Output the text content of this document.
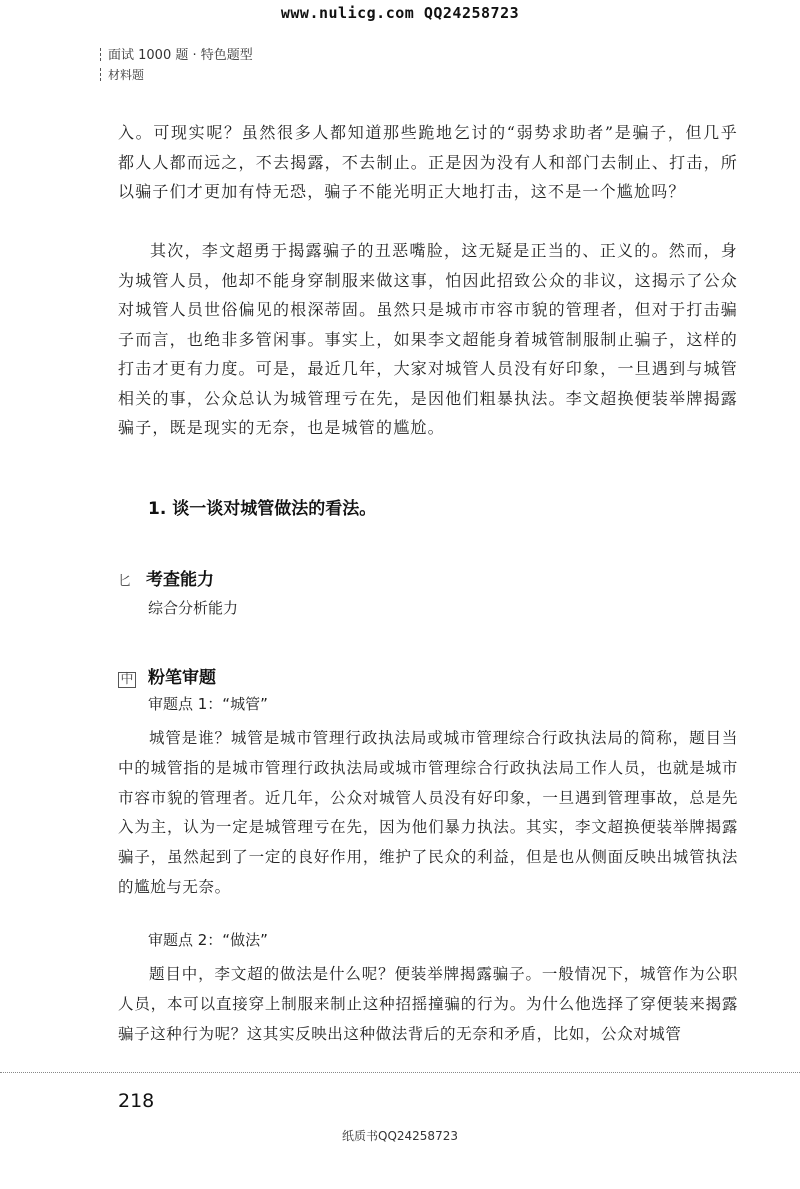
www.nulicg.com QQ24258723
面试 1000 题 · 特色题型
材料题
入。可现实呢？虽然很多人都知道那些跪地乞讨的“弱势求助者”是骗子，但几乎都人人都而远之，不去揭露，不去制止。正是因为没有人和部门去制止、打击，所以骗子们才更加有恃无恐，骗子不能光明正大地打击，这不是一个尴尬吗？
其次，李文超勇于揭露骗子的丑恶嘴脸，这无疑是正当的、正义的。然而，身为城管人员，他却不能身穿制服来做这事，怕因此招致公众的非议，这揭示了公众对城管人员世俗偏见的根深蒂固。虽然只是城市市容市貌的管理者，但对于打击骗子而言，也绝非多管闲事。事实上，如果李文超能身着城管制服制止骗子，这样的打击才更有力度。可是，最近几年，大家对城管人员没有好印象，一旦遇到与城管相关的事，公众总认为城管理亏在先，是因他们粗暴执法。李文超换便装举牌揭露骗子，既是现实的无奈，也是城管的尴尬。
1. 谈一谈对城管做法的看法。
匕 考查能力
综合分析能力
中 粉笔审题
审题点 1：“城管”
城管是谁？城管是城市管理行政执法局或城市管理综合行政执法局的简称，题目当中的城管指的是城市管理行政执法局或城市管理综合行政执法局工作人员，也就是城市市容市貌的管理者。近几年，公众对城管人员没有好印象，一旦遇到管理事故，总是先入为主，认为一定是城管理亏在先，因为他们暴力执法。其实，李文超换便装举牌揭露骗子，虽然起到了一定的良好作用，维护了民众的利益，但是也从侧面反映出城管执法的尴尬与无奈。
审题点 2：“做法”
题目中，李文超的做法是什么呢？便装举牌揭露骗子。一般情况下，城管作为公职人员，本可以直接穿上制服来制止这种招摇撞骗的行为。为什么他选择了穿便装来揭露骗子这种行为呢？这其实反映出这种做法背后的无奈和矛盾，比如，公众对城管
218
纸质书QQ24258723
